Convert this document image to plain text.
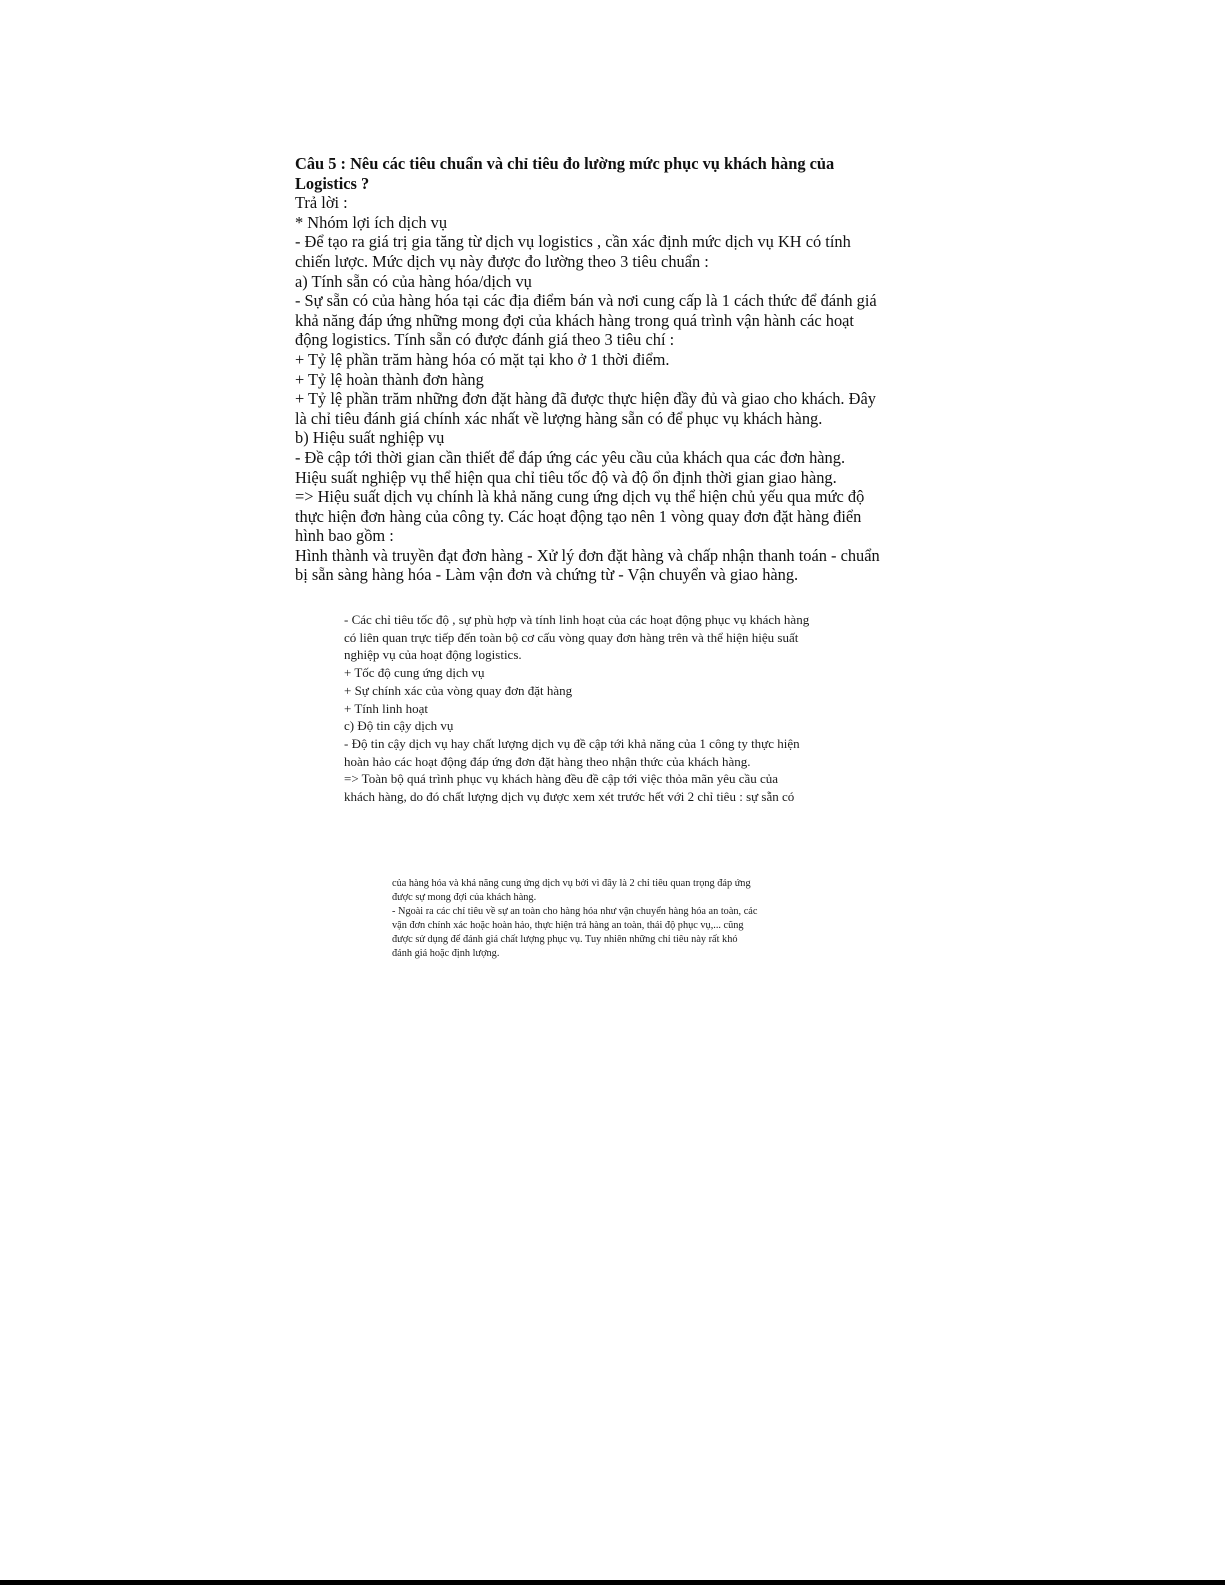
Câu 5 : Nêu các tiêu chuẩn và chỉ tiêu đo lường mức phục vụ khách hàng của
Logistics ?
Trả lời :
* Nhóm lợi ích dịch vụ
- Để tạo ra giá trị gia tăng từ dịch vụ logistics , cần xác định mức dịch vụ KH có tính
chiến lược. Mức dịch vụ này được đo lường theo 3 tiêu chuẩn :
a) Tính sẵn có của hàng hóa/dịch vụ
- Sự sẵn có của hàng hóa tại các địa điểm bán và nơi cung cấp là 1 cách thức để đánh giá
khả năng đáp ứng những mong đợi của khách hàng trong quá trình vận hành các hoạt
động logistics. Tính sẵn có được đánh giá theo 3 tiêu chí :
+ Tỷ lệ phần trăm hàng hóa có mặt tại kho ở 1 thời điểm.
+ Tỷ lệ hoàn thành đơn hàng
+ Tỷ lệ phần trăm những đơn đặt hàng đã được thực hiện đầy đủ và giao cho khách. Đây
là chỉ tiêu đánh giá chính xác nhất về lượng hàng sẵn có để phục vụ khách hàng.
b) Hiệu suất nghiệp vụ
- Đề cập tới thời gian cần thiết để đáp ứng các yêu cầu của khách qua các đơn hàng.
Hiệu suất nghiệp vụ thể hiện qua chỉ tiêu tốc độ và độ ổn định thời gian giao hàng.
=> Hiệu suất dịch vụ chính là khả năng cung ứng dịch vụ thể hiện chủ yếu qua mức độ
thực hiện đơn hàng của công ty. Các hoạt động tạo nên 1 vòng quay đơn đặt hàng điển
hình bao gồm :
Hình thành và truyền đạt đơn hàng - Xử lý đơn đặt hàng và chấp nhận thanh toán - chuẩn
bị sẵn sàng hàng hóa - Làm vận đơn và chứng từ - Vận chuyển và giao hàng.
- Các chỉ tiêu tốc độ , sự phù hợp và tính linh hoạt của các hoạt động phục vụ khách hàng
có liên quan trực tiếp đến toàn bộ cơ cấu vòng quay đơn hàng trên và thể hiện hiệu suất
nghiệp vụ của hoạt động logistics.
+ Tốc độ cung ứng dịch vụ
+ Sự chính xác của vòng quay đơn đặt hàng
+ Tính linh hoạt
c) Độ tin cậy dịch vụ
- Độ tin cậy dịch vụ hay chất lượng dịch vụ đề cập tới khả năng của 1 công ty thực hiện
hoàn hảo các hoạt động đáp ứng đơn đặt hàng theo nhận thức của khách hàng.
=> Toàn bộ quá trình phục vụ khách hàng đều đề cập tới việc thỏa mãn yêu cầu của
khách hàng, do đó chất lượng dịch vụ được xem xét trước hết với 2 chỉ tiêu : sự sẵn có
của hàng hóa và khả năng cung ứng dịch vụ bởi vì đây là 2 chỉ tiêu quan trọng đáp ứng
được sự mong đợi của khách hàng.
- Ngoài ra các chỉ tiêu về sự an toàn cho hàng hóa như vận chuyển hàng hóa an toàn, các
vận đơn chính xác hoặc hoàn hảo, thực hiện trả hàng an toàn, thái độ phục vụ,... cũng
được sử dụng để đánh giá chất lượng phục vụ. Tuy nhiên những chỉ tiêu này rất khó
đánh giá hoặc định lượng.
